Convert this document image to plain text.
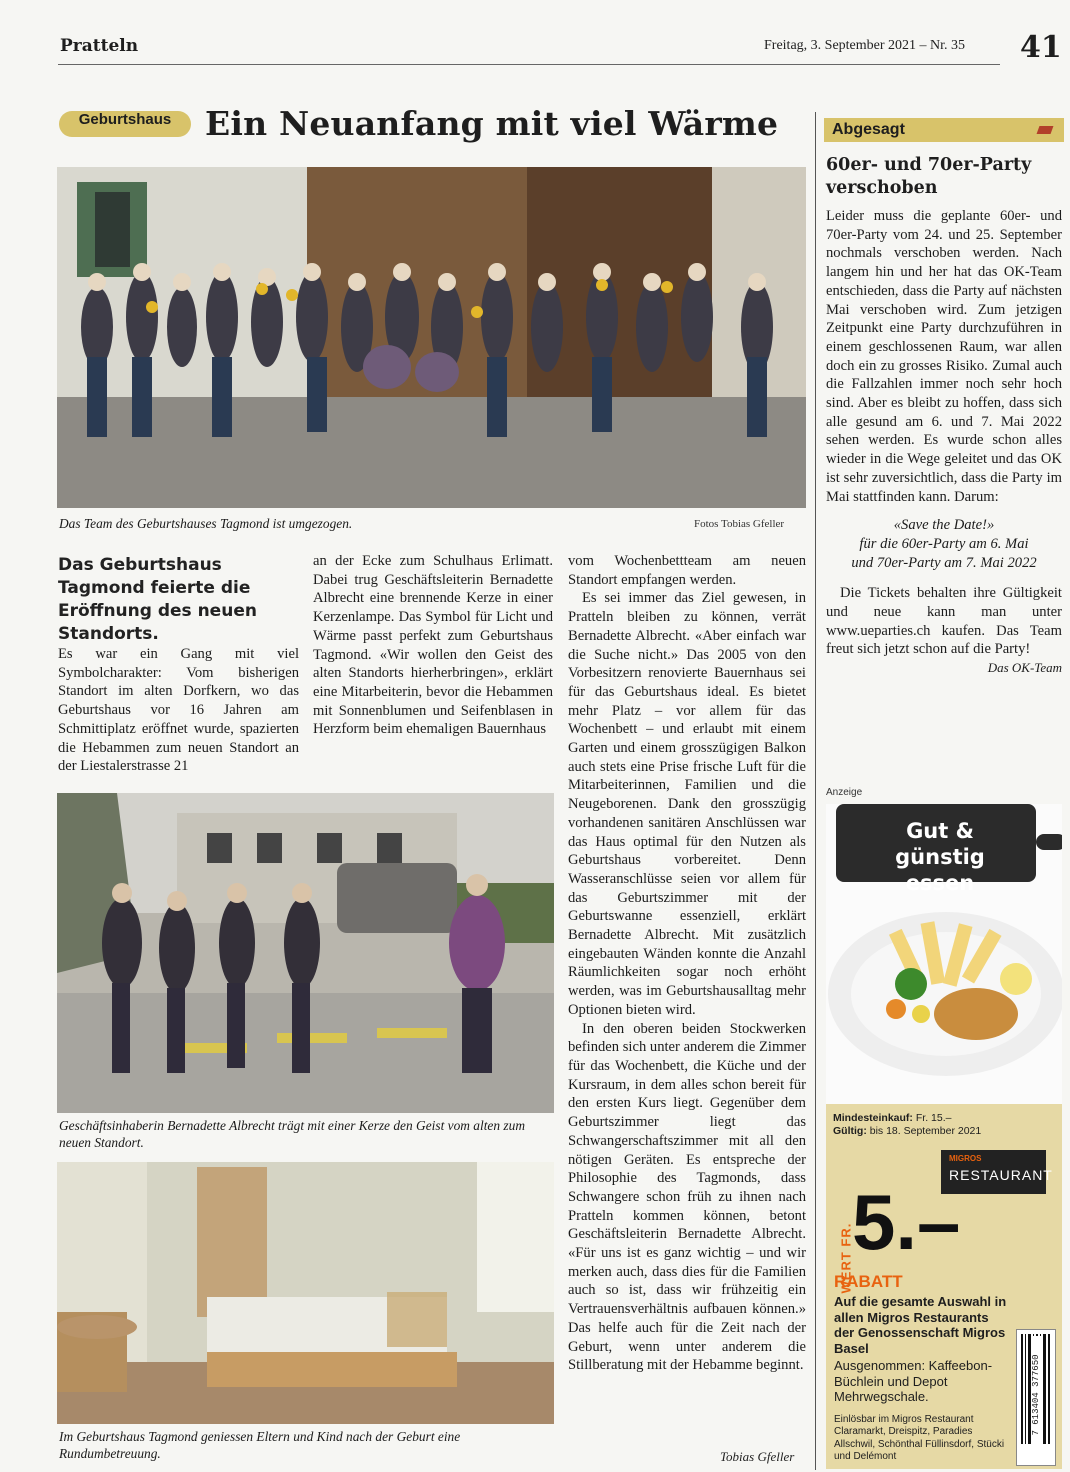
Pratteln	Freitag, 3. September 2021 – Nr. 35 41
Geburtshaus	Ein Neuanfang mit viel Wärme
Das Team des Geburtshauses Tagmond ist umgezogen.	Fotos Tobias Gfeller
Das Geburtshaus Tagmond feierte die Eröffnung des neuen Standorts.

Es war ein Gang mit viel Symbolcharakter: Vom bisherigen Standort im alten Dorfkern, wo das Geburtshaus vor 16 Jahren am Schmittiplatz eröffnet wurde, spazierten die Hebammen zum neuen Standort an der Liestalerstrasse 21

an der Ecke zum Schulhaus Erlimatt. Dabei trug Geschäftsleiterin Bernadette Albrecht eine brennende Kerze in einer Kerzenlampe. Das Symbol für Licht und Wärme passt perfekt zum Geburtshaus Tagmond. «Wir wollen den Geist des alten Standorts hierherbringen», erklärt eine Mitarbeiterin, bevor die Hebammen mit Sonnenblumen und Seifenblasen in Herzform beim ehemaligen Bauernhaus

vom Wochenbettteam am neuen Standort empfangen werden.

Es sei immer das Ziel gewesen, in Pratteln bleiben zu können, verrät Bernadette Albrecht. «Aber einfach war die Suche nicht.» Das 2005 von den Vorbesitzern renovierte Bauernhaus sei für das Geburtshaus ideal. Es bietet mehr Platz – vor allem für das Wochenbett – und erlaubt mit einem Garten und einem grosszügigen Balkon auch stets eine Prise frische Luft für die Mitarbeiterinnen, Familien und die Neugeborenen. Dank den grosszügig vorhandenen sanitären Anschlüssen war das Haus optimal für den Nutzen als Geburtshaus vorbereitet. Denn Wasseranschlüsse seien vor allem für das Geburtszimmer mit der Geburtswanne essenziell, erklärt Bernadette Albrecht. Mit zusätzlich eingebauten Wänden konnte die Anzahl Räumlichkeiten sogar noch erhöht werden, was im Geburtshausalltag mehr Optionen bieten wird.

In den oberen beiden Stockwerken befinden sich unter anderem die Zimmer für das Wochenbett, die Küche und der Kursraum, in dem alles schon bereit für den ersten Kurs liegt. Gegenüber dem Geburtszimmer liegt das Schwangerschaftszimmer mit all den nötigen Geräten. Es entspreche der Philosophie des Tagmonds, dass Schwangere schon früh zu ihnen nach Pratteln kommen können, betont Geschäftsleiterin Bernadette Albrecht. «Für uns ist es ganz wichtig – und wir merken auch, dass dies für die Familien auch so ist, dass wir frühzeitig ein Vertrauensverhältnis aufbauen können.» Das helfe auch für die Zeit nach der Geburt, wenn unter anderem die Stillberatung mit der Hebamme beginnt.

Tobias Gfeller
Geschäftsinhaberin Bernadette Albrecht trägt mit einer Kerze den Geist vom alten zum neuen Standort.
Im Geburtshaus Tagmond geniessen Eltern und Kind nach der Geburt eine Rundumbetreuung.
Abgesagt
60er- und 70er-Party verschoben

Leider muss die geplante 60er- und 70er-Party vom 24. und 25. September nochmals verschoben werden. Nach langem hin und her hat das OK-Team entschieden, dass die Party auf nächsten Mai verschoben wird. Zum jetzigen Zeitpunkt eine Party durchzuführen in einem geschlossenen Raum, war allen doch ein zu grosses Risiko. Zumal auch die Fallzahlen immer noch sehr hoch sind. Aber es bleibt zu hoffen, dass sich alle gesund am 6. und 7. Mai 2022 sehen werden. Es wurde schon alles wieder in die Wege geleitet und das OK ist sehr zuversichtlich, dass die Party im Mai stattfinden kann. Darum:

«Save the Date!»
für die 60er-Party am 6. Mai
und 70er-Party am 7. Mai 2022

Die Tickets behalten ihre Gültigkeit und neue kann man unter www.ueparties.ch kaufen. Das Team freut sich jetzt schon auf die Party!

Das OK-Team
Anzeige
Gut & günstig
essen
Mindesteinkauf: Fr. 15.–
Gültig: bis 18. September 2021
MIGROS
RESTAURANT
WERT FR.
5.–
RABATT
Auf die gesamte Auswahl in allen Migros Restaurants der Genossenschaft Migros Basel
Ausgenommen: Kaffeebon-Büchlein und Depot Mehrwegschale.
Einlösbar im Migros Restaurant Claramarkt, Dreispitz, Paradies Allschwil, Schönthal Füllinsdorf, Stücki und Delémont
7 613404 377650
